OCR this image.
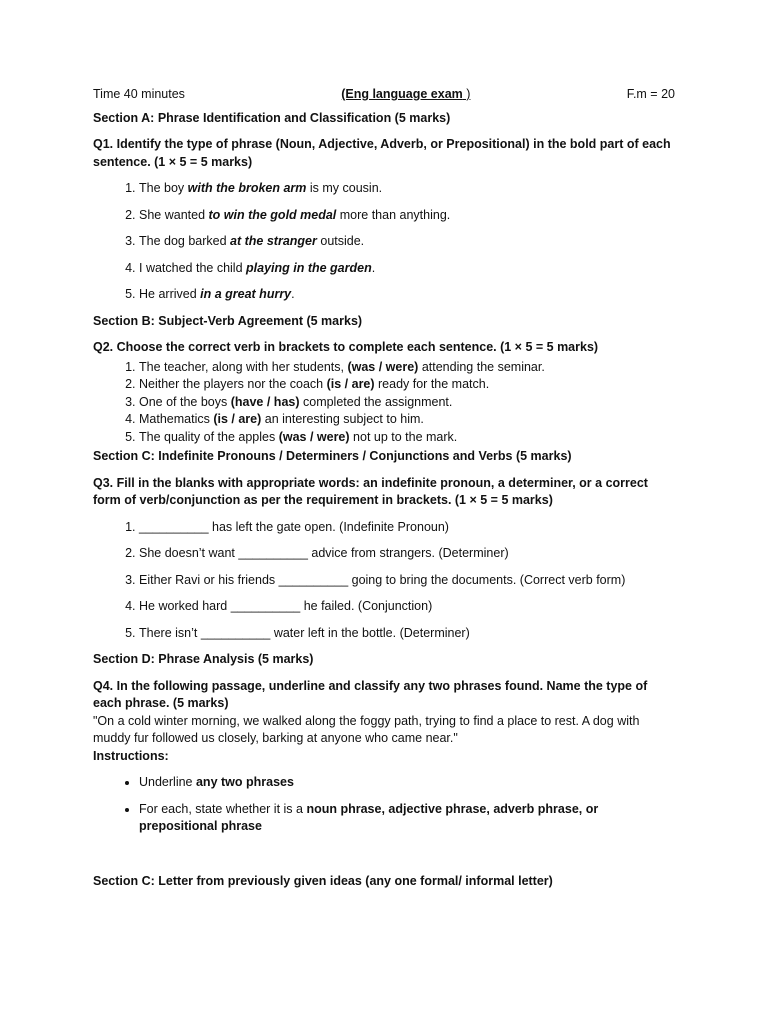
Time 40 minutes	(Eng language exam )	F.m = 20
Section A: Phrase Identification and Classification (5 marks)
Q1. Identify the type of phrase (Noun, Adjective, Adverb, or Prepositional) in the bold part of each sentence. (1 × 5 = 5 marks)
1. The boy with the broken arm is my cousin.
2. She wanted to win the gold medal more than anything.
3. The dog barked at the stranger outside.
4. I watched the child playing in the garden.
5. He arrived in a great hurry.
Section B: Subject-Verb Agreement (5 marks)
Q2. Choose the correct verb in brackets to complete each sentence. (1 × 5 = 5 marks)
1. The teacher, along with her students, (was / were) attending the seminar.
2. Neither the players nor the coach (is / are) ready for the match.
3. One of the boys (have / has) completed the assignment.
4. Mathematics (is / are) an interesting subject to him.
5. The quality of the apples (was / were) not up to the mark.
Section C: Indefinite Pronouns / Determiners / Conjunctions and Verbs (5 marks)
Q3. Fill in the blanks with appropriate words: an indefinite pronoun, a determiner, or a correct form of verb/conjunction as per the requirement in brackets. (1 × 5 = 5 marks)
1. __________ has left the gate open. (Indefinite Pronoun)
2. She doesn’t want __________ advice from strangers. (Determiner)
3. Either Ravi or his friends __________ going to bring the documents. (Correct verb form)
4. He worked hard __________ he failed. (Conjunction)
5. There isn’t __________ water left in the bottle. (Determiner)
Section D: Phrase Analysis (5 marks)
Q4. In the following passage, underline and classify any two phrases found. Name the type of each phrase. (5 marks)
"On a cold winter morning, we walked along the foggy path, trying to find a place to rest. A dog with muddy fur followed us closely, barking at anyone who came near."
Instructions:
• Underline any two phrases
• For each, state whether it is a noun phrase, adjective phrase, adverb phrase, or prepositional phrase
Section C: Letter from previously given ideas (any one formal/ informal letter)
